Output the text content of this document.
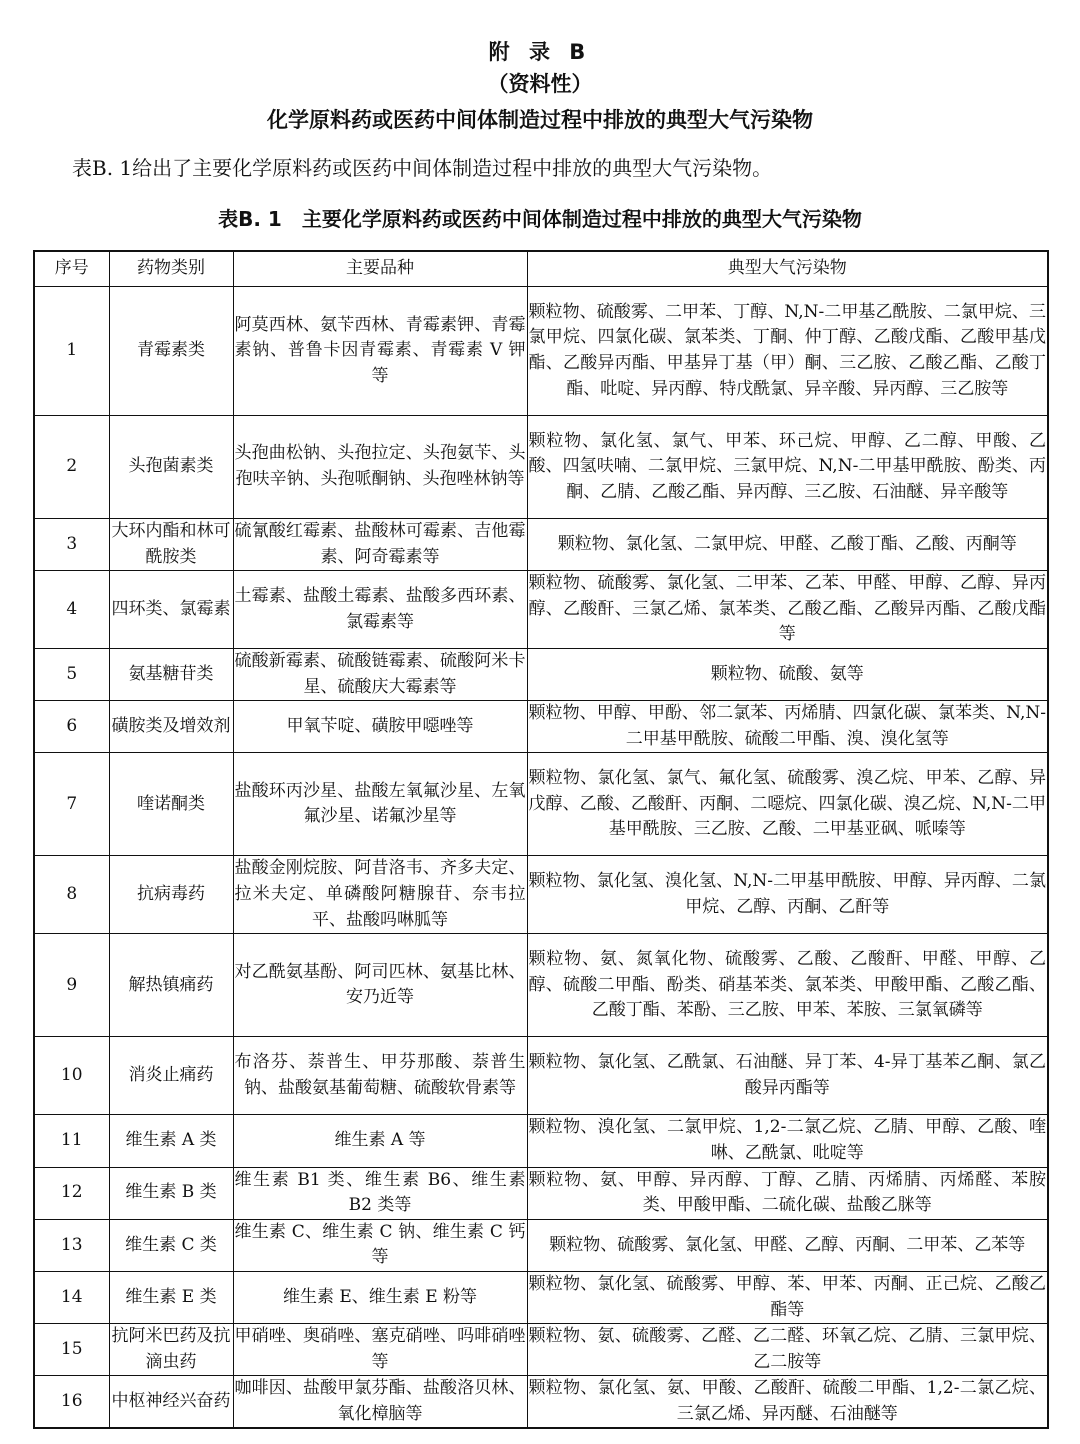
附 录 B
（资料性）
化学原料药或医药中间体制造过程中排放的典型大气污染物
表B. 1给出了主要化学原料药或医药中间体制造过程中排放的典型大气污染物。
表B. 1　主要化学原料药或医药中间体制造过程中排放的典型大气污染物
序号	药物类别	主要品种	典型大气污染物
1	青霉素类	阿莫西林、氨苄西林、青霉素钾、青霉素钠、普鲁卡因青霉素、青霉素 V 钾等	颗粒物、硫酸雾、二甲苯、丁醇、N,N-二甲基乙酰胺、二氯甲烷、三氯甲烷、四氯化碳、氯苯类、丁酮、仲丁醇、乙酸戊酯、乙酸甲基戊酯、乙酸异丙酯、甲基异丁基（甲）酮、三乙胺、乙酸乙酯、乙酸丁酯、吡啶、异丙醇、特戊酰氯、异辛酸、异丙醇、三乙胺等
2	头孢菌素类	头孢曲松钠、头孢拉定、头孢氨苄、头孢呋辛钠、头孢哌酮钠、头孢唑林钠等	颗粒物、氯化氢、氯气、甲苯、环己烷、甲醇、乙二醇、甲酸、乙酸、四氢呋喃、二氯甲烷、三氯甲烷、N,N-二甲基甲酰胺、酚类、丙酮、乙腈、乙酸乙酯、异丙醇、三乙胺、石油醚、异辛酸等
3	大环内酯和林可酰胺类	硫氰酸红霉素、盐酸林可霉素、吉他霉素、阿奇霉素等	颗粒物、氯化氢、二氯甲烷、甲醛、乙酸丁酯、乙酸、丙酮等
4	四环类、氯霉素	土霉素、盐酸土霉素、盐酸多西环素、氯霉素等	颗粒物、硫酸雾、氯化氢、二甲苯、乙苯、甲醛、甲醇、乙醇、异丙醇、乙酸酐、三氯乙烯、氯苯类、乙酸乙酯、乙酸异丙酯、乙酸戊酯等
5	氨基糖苷类	硫酸新霉素、硫酸链霉素、硫酸阿米卡星、硫酸庆大霉素等	颗粒物、硫酸、氨等
6	磺胺类及增效剂	甲氧苄啶、磺胺甲噁唑等	颗粒物、甲醇、甲酚、邻二氯苯、丙烯腈、四氯化碳、氯苯类、N,N-二甲基甲酰胺、硫酸二甲酯、溴、溴化氢等
7	喹诺酮类	盐酸环丙沙星、盐酸左氧氟沙星、左氧氟沙星、诺氟沙星等	颗粒物、氯化氢、氯气、氟化氢、硫酸雾、溴乙烷、甲苯、乙醇、异戊醇、乙酸、乙酸酐、丙酮、二噁烷、四氯化碳、溴乙烷、N,N-二甲基甲酰胺、三乙胺、乙酸、二甲基亚砜、哌嗪等
8	抗病毒药	盐酸金刚烷胺、阿昔洛韦、齐多夫定、拉米夫定、单磷酸阿糖腺苷、奈韦拉平、盐酸吗啉胍等	颗粒物、氯化氢、溴化氢、N,N-二甲基甲酰胺、甲醇、异丙醇、二氯甲烷、乙醇、丙酮、乙酐等
9	解热镇痛药	对乙酰氨基酚、阿司匹林、氨基比林、安乃近等	颗粒物、氨、氮氧化物、硫酸雾、乙酸、乙酸酐、甲醛、甲醇、乙醇、硫酸二甲酯、酚类、硝基苯类、氯苯类、甲酸甲酯、乙酸乙酯、乙酸丁酯、苯酚、三乙胺、甲苯、苯胺、三氯氧磷等
10	消炎止痛药	布洛芬、萘普生、甲芬那酸、萘普生钠、盐酸氨基葡萄糖、硫酸软骨素等	颗粒物、氯化氢、乙酰氯、石油醚、异丁苯、4-异丁基苯乙酮、氯乙酸异丙酯等
11	维生素 A 类	维生素 A 等	颗粒物、溴化氢、二氯甲烷、1,2-二氯乙烷、乙腈、甲醇、乙酸、喹啉、乙酰氯、吡啶等
12	维生素 B 类	维生素 B1 类、维生素 B6、维生素 B2 类等	颗粒物、氨、甲醇、异丙醇、丁醇、乙腈、丙烯腈、丙烯醛、苯胺类、甲酸甲酯、二硫化碳、盐酸乙脒等
13	维生素 C 类	维生素 C、维生素 C 钠、维生素 C 钙等	颗粒物、硫酸雾、氯化氢、甲醛、乙醇、丙酮、二甲苯、乙苯等
14	维生素 E 类	维生素 E、维生素 E 粉等	颗粒物、氯化氢、硫酸雾、甲醇、苯、甲苯、丙酮、正己烷、乙酸乙酯等
15	抗阿米巴药及抗滴虫药	甲硝唑、奥硝唑、塞克硝唑、吗啡硝唑等	颗粒物、氨、硫酸雾、乙醛、乙二醛、环氧乙烷、乙腈、三氯甲烷、乙二胺等
16	中枢神经兴奋药	咖啡因、盐酸甲氯芬酯、盐酸洛贝林、氧化樟脑等	颗粒物、氯化氢、氨、甲酸、乙酸酐、硫酸二甲酯、1,2-二氯乙烷、三氯乙烯、异丙醚、石油醚等
